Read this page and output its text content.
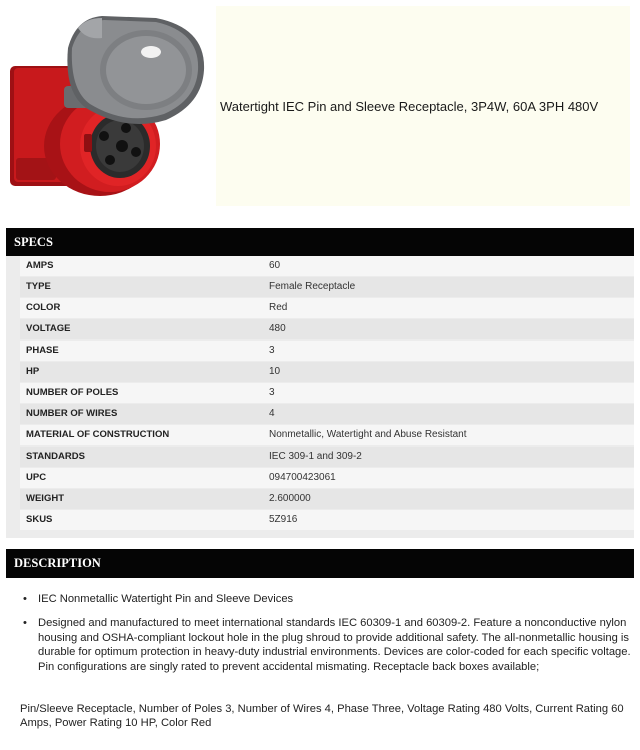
Watertight IEC Pin and Sleeve Receptacle, 3P4W, 60A 3PH 480V
SPECS
AMPS	60
TYPE	Female Receptacle
COLOR	Red
VOLTAGE	480
PHASE	3
HP	10
NUMBER OF POLES	3
NUMBER OF WIRES	4
MATERIAL OF CONSTRUCTION	Nonmetallic, Watertight and Abuse Resistant
STANDARDS	IEC 309-1 and 309-2
UPC	094700423061
WEIGHT	2.600000
SKUS	5Z916
DESCRIPTION
• IEC Nonmetallic Watertight Pin and Sleeve Devices
• Designed and manufactured to meet international standards IEC 60309-1 and 60309-2. Feature a nonconductive nylon housing and OSHA-compliant lockout hole in the plug shroud to provide additional safety. The all-nonmetallic housing is durable for optimum protection in heavy-duty industrial environments. Devices are color-coded for each specific voltage. Pin configurations are singly rated to prevent accidental mismating. Receptacle back boxes available;

Pin/Sleeve Receptacle, Number of Poles 3, Number of Wires 4, Phase Three, Voltage Rating 480 Volts, Current Rating 60 Amps, Power Rating 10 HP, Color Red
